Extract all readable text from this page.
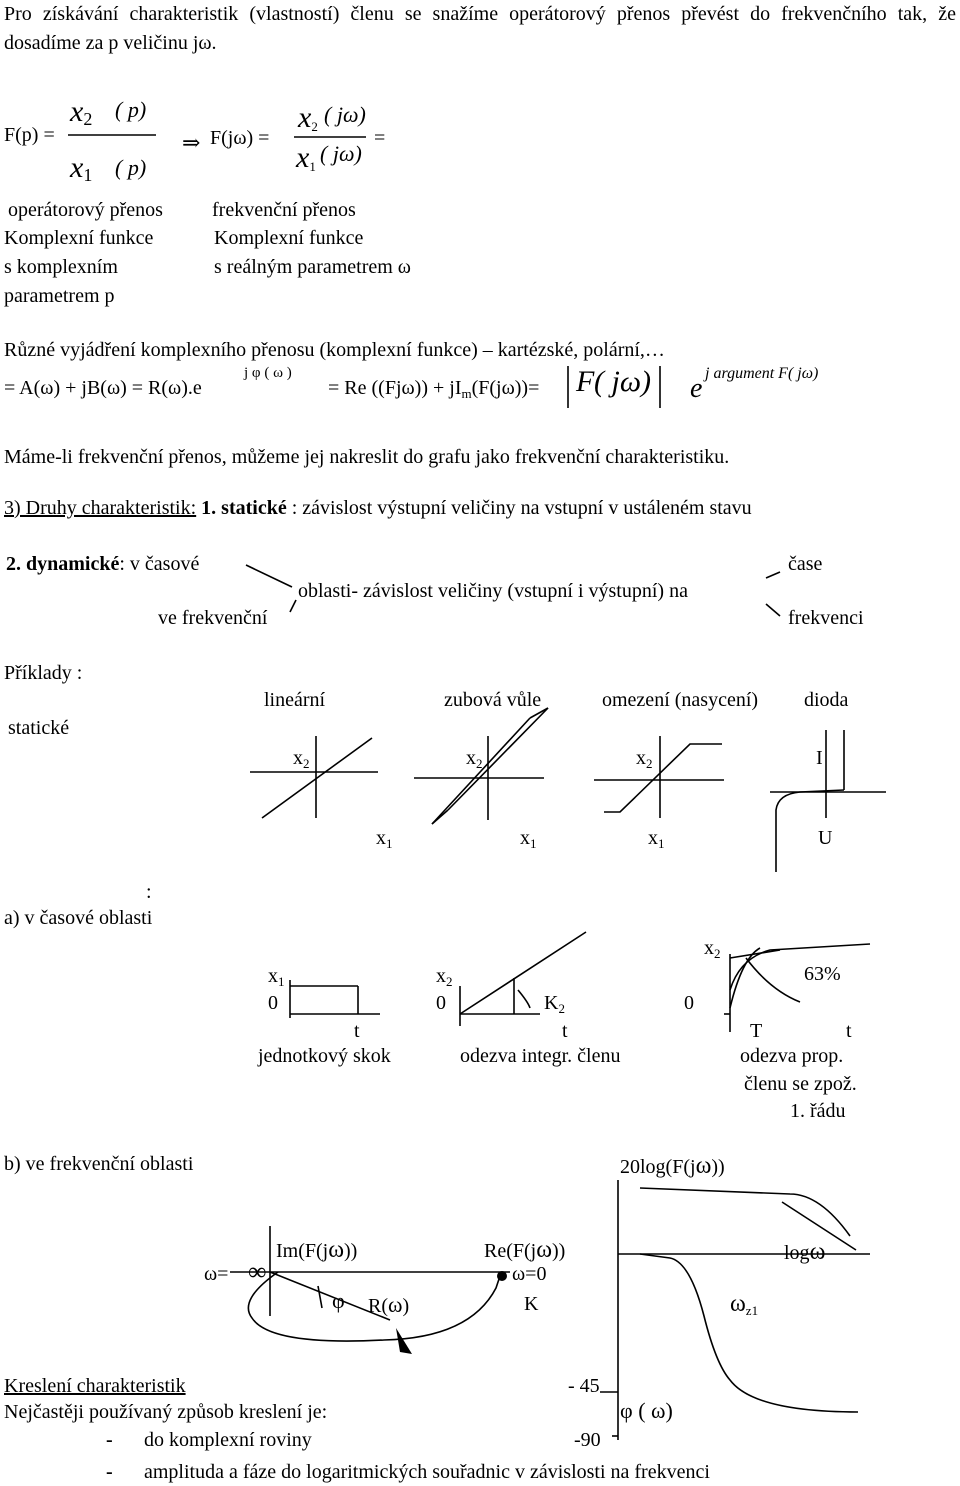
Pro získávání charakteristik (vlastností) členu se snažíme operátorový přenos převést do frekvenčního tak, že dosadíme za p veličinu jω.
F(p) =
$x_2$ ( p)
$x_1$ ( p)
⇒ F(jω) =
$x_2$ ( jω)
$x_1$
( jω)
=
operátorový přenos
Komplexní funkce
s komplexním
parametrem p
frekvenční přenos
Komplexní funkce
s reálným parametrem ω
Různé vyjádření komplexního přenosu (komplexní funkce) – kartézské, polární,…
= A(ω) + jB(ω) = R(ω).e
j φ ( ω )
= Re $((Fj\omega)) + jI_m(F(j\omega))= F$ ( jω) e j argument F( jω)
Máme-li frekvenční přenos, můžeme jej nakreslit do grafu jako frekvenční charakteristiku.
3) Druhy charakteristik: 1. statické : závislost výstupní veličiny na vstupní v ustáleném stavu
2. dynamické: v časové
ve frekvenční
oblasti- závislost veličiny (vstupní i výstupní) na
čase
frekvenci
Příklady :
statické
lineární	zubová vůle	omezení (nasycení) dioda
$x_2$	$x_2$	$x_2$	I
$x_1$	$x_1$	$x_1$	U
:
a) v časové oblasti
$x_1$
0
t
jednotkový skok
$x_2$
0	$K_2$
t
odezva integr. členu
$x_2$
63%
0
T	t
odezva prop.
členu se zpož.
1. řádu
b) ve frekvenční oblasti	20log(F(jω))
Im(F(jω))	Re(F(jω))
ω= ∞	ω=0
φ R(ω)	K
logω
$\omega_{z1}$
- 45
φ ( ω)
-90
Kreslení charakteristik
Nejčastěji používaný způsob kreslení je:
- do komplexní roviny
- amplituda a fáze do logaritmických souřadnic v závislosti na frekvenci
